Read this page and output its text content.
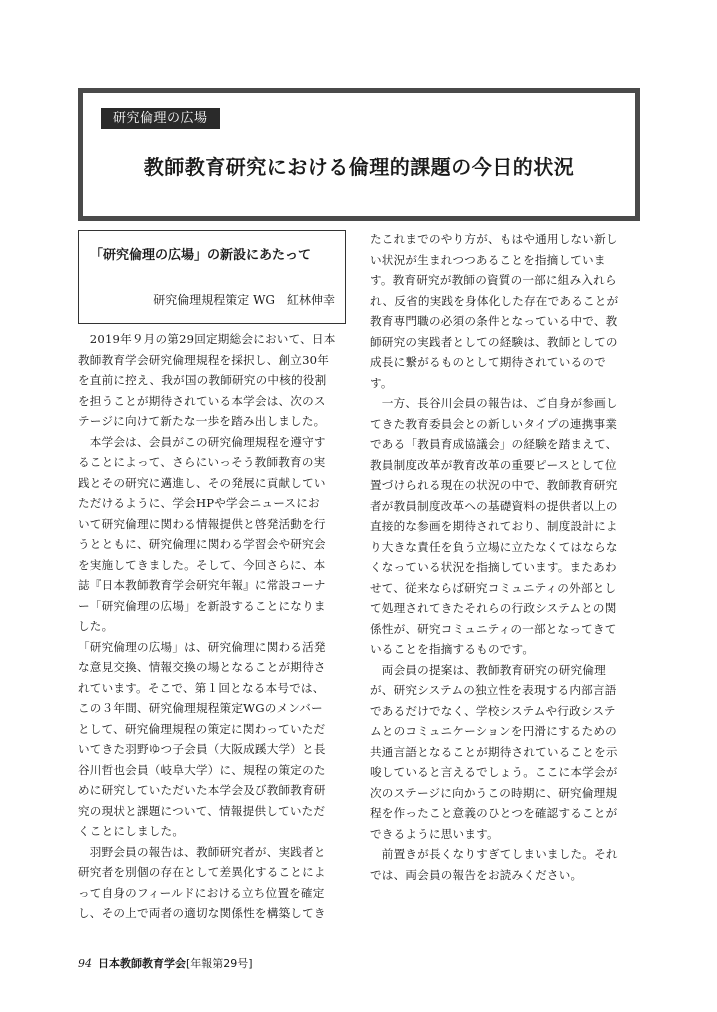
研究倫理の広場
教師教育研究における倫理的課題の今日的状況
「研究倫理の広場」の新設にあたって
研究倫理規程策定 WG　紅林伸幸
　2019年９月の第29回定期総会において、日本
教師教育学会研究倫理規程を採択し、創立30年
を直前に控え、我が国の教師研究の中核的役割
を担うことが期待されている本学会は、次のス
テージに向けて新たな一歩を踏み出しました。
　本学会は、会員がこの研究倫理規程を遵守す
ることによって、さらにいっそう教師教育の実
践とその研究に邁進し、その発展に貢献してい
ただけるように、学会HPや学会ニュースにお
いて研究倫理に関わる情報提供と啓発活動を行
うとともに、研究倫理に関わる学習会や研究会
を実施してきました。そして、今回さらに、本
誌『日本教師教育学会研究年報』に常設コーナ
ー「研究倫理の広場」を新設することになりま
した。
「研究倫理の広場」は、研究倫理に関わる活発
な意見交換、情報交換の場となることが期待さ
れています。そこで、第１回となる本号では、
この３年間、研究倫理規程策定WGのメンバー
として、研究倫理規程の策定に関わっていただ
いてきた羽野ゆつ子会員（大阪成蹊大学）と長
谷川哲也会員（岐阜大学）に、規程の策定のた
めに研究していただいた本学会及び教師教育研
究の現状と課題について、情報提供していただ
くことにしました。
　羽野会員の報告は、教師研究者が、実践者と
研究者を別個の存在として差異化することによ
って自身のフィールドにおける立ち位置を確定
し、その上で両者の適切な関係性を構築してき
たこれまでのやり方が、もはや通用しない新し
い状況が生まれつつあることを指摘していま
す。教育研究が教師の資質の一部に組み入れら
れ、反省的実践を身体化した存在であることが
教育専門職の必須の条件となっている中で、教
師研究の実践者としての経験は、教師としての
成長に繋がるものとして期待されているので
す。
　一方、長谷川会員の報告は、ご自身が参画し
てきた教育委員会との新しいタイプの連携事業
である「教員育成協議会」の経験を踏まえて、
教員制度改革が教育改革の重要ピースとして位
置づけられる現在の状況の中で、教師教育研究
者が教員制度改革への基礎資料の提供者以上の
直接的な参画を期待されており、制度設計によ
り大きな責任を負う立場に立たなくてはならな
くなっている状況を指摘しています。またあわ
せて、従来ならば研究コミュニティの外部とし
て処理されてきたそれらの行政システムとの関
係性が、研究コミュニティの一部となってきて
いることを指摘するものです。
　両会員の提案は、教師教育研究の研究倫理
が、研究システムの独立性を表現する内部言語
であるだけでなく、学校システムや行政システ
ムとのコミュニケーションを円滑にするための
共通言語となることが期待されていることを示
唆していると言えるでしょう。ここに本学会が
次のステージに向かうこの時期に、研究倫理規
程を作ったこと意義のひとつを確認することが
できるように思います。
　前置きが長くなりすぎてしまいました。それ
では、両会員の報告をお読みください。
94 日本教師教育学会[年報第29号]
